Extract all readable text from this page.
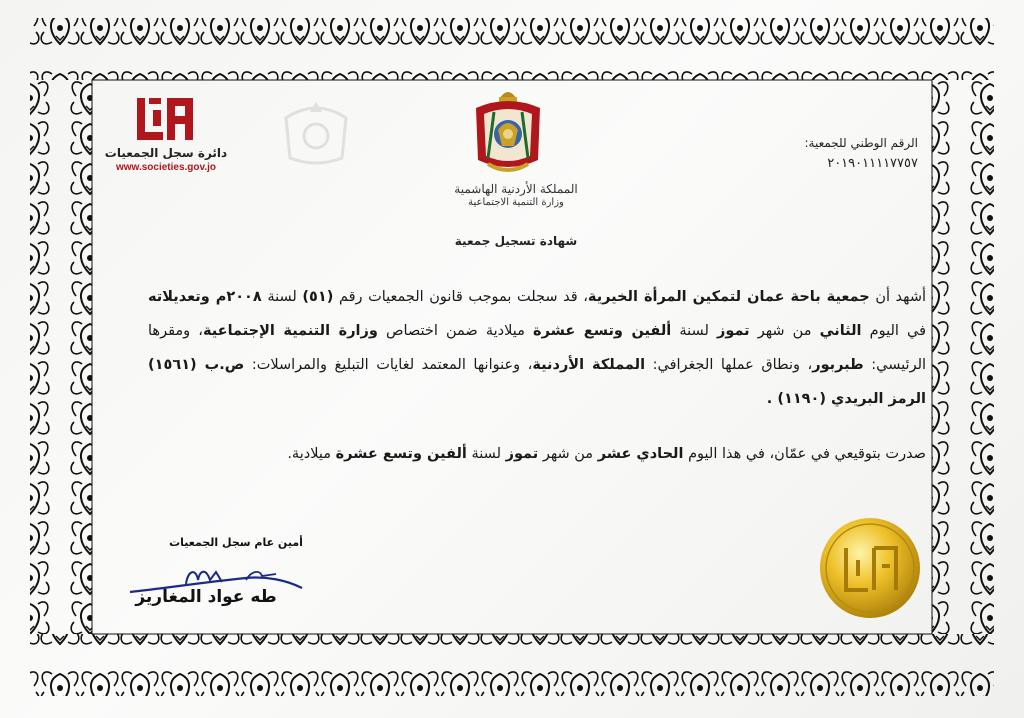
دائرة سجل الجمعيات
www.societies.gov.jo
المملكة الأردنية الهاشمية
وزارة التنمية الاجتماعية
شهادة تسجيل جمعية
الرقم الوطني للجمعية:
٢٠١٩٠١١١١٧٧٥٧
أشهد أن جمعية باحة عمان لتمكين المرأة الخيرية، قد سجلت بموجب قانون الجمعيات رقم (٥١) لسنة ٢٠٠٨م وتعديلاته في اليوم الثاني من شهر تموز لسنة ألفين وتسع عشرة ميلادية ضمن اختصاص وزارة التنمية الإجتماعية، ومقرها الرئيسي: طبربور، ونطاق عملها الجغرافي: المملكة الأردنية، وعنوانها المعتمد لغايات التبليغ والمراسلات: ص.ب (١٥٦١) الرمز البريدي (١١٩٠) .
صدرت بتوقيعي في عمّان، في هذا اليوم الحادي عشر من شهر تموز لسنة ألفين وتسع عشرة ميلادية.
أمين عام سجل الجمعيات
طه عواد المغاريز
